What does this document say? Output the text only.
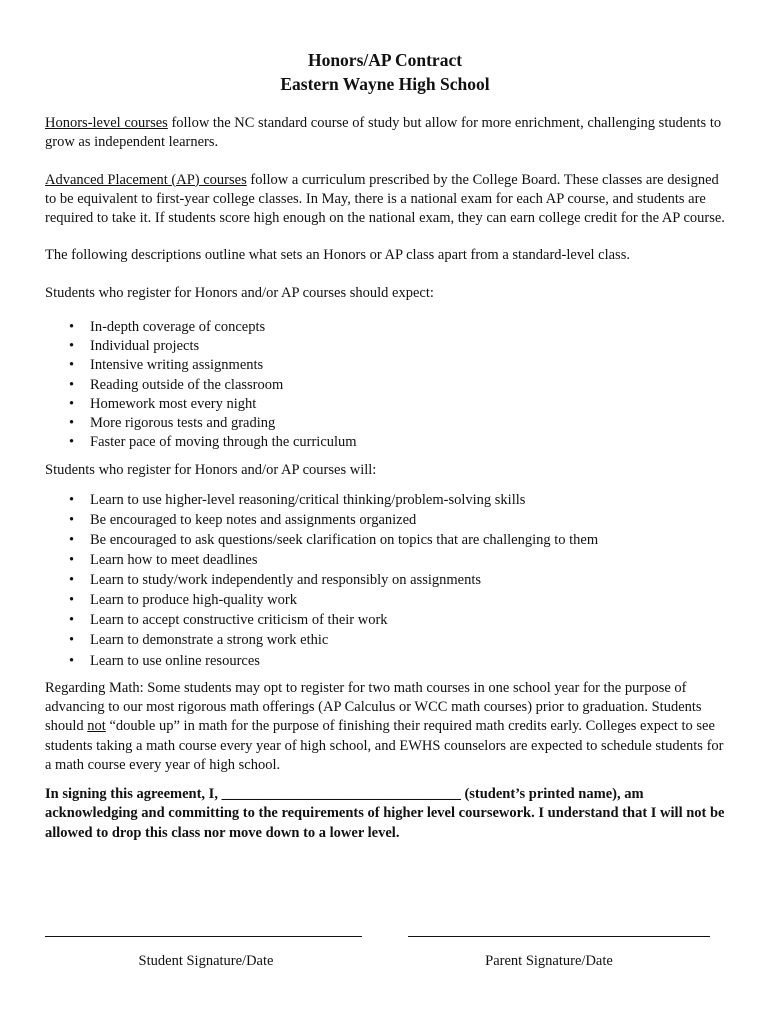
Honors/AP Contract
Eastern Wayne High School

Honors-level courses follow the NC standard course of study but allow for more enrichment, challenging students to grow as independent learners.

Advanced Placement (AP) courses follow a curriculum prescribed by the College Board. These classes are designed to be equivalent to first-year college classes. In May, there is a national exam for each AP course, and students are required to take it. If students score high enough on the national exam, they can earn college credit for the AP course.

The following descriptions outline what sets an Honors or AP class apart from a standard-level class.

Students who register for Honors and/or AP courses should expect:

• In-depth coverage of concepts
• Individual projects
• Intensive writing assignments
• Reading outside of the classroom
• Homework most every night
• More rigorous tests and grading
• Faster pace of moving through the curriculum

Students who register for Honors and/or AP courses will:

• Learn to use higher-level reasoning/critical thinking/problem-solving skills
• Be encouraged to keep notes and assignments organized
• Be encouraged to ask questions/seek clarification on topics that are challenging to them
• Learn how to meet deadlines
• Learn to study/work independently and responsibly on assignments
• Learn to produce high-quality work
• Learn to accept constructive criticism of their work
• Learn to demonstrate a strong work ethic
• Learn to use online resources

Regarding Math: Some students may opt to register for two math courses in one school year for the purpose of advancing to our most rigorous math offerings (AP Calculus or WCC math courses) prior to graduation. Students should not “double up” in math for the purpose of finishing their required math credits early. Colleges expect to see students taking a math course every year of high school, and EWHS counselors are expected to schedule students for a math course every year of high school.

In signing this agreement, I, _________________________________ (student’s printed name), am acknowledging and committing to the requirements of higher level coursework. I understand that I will not be allowed to drop this class nor move down to a lower level.

Student Signature/Date	Parent Signature/Date
